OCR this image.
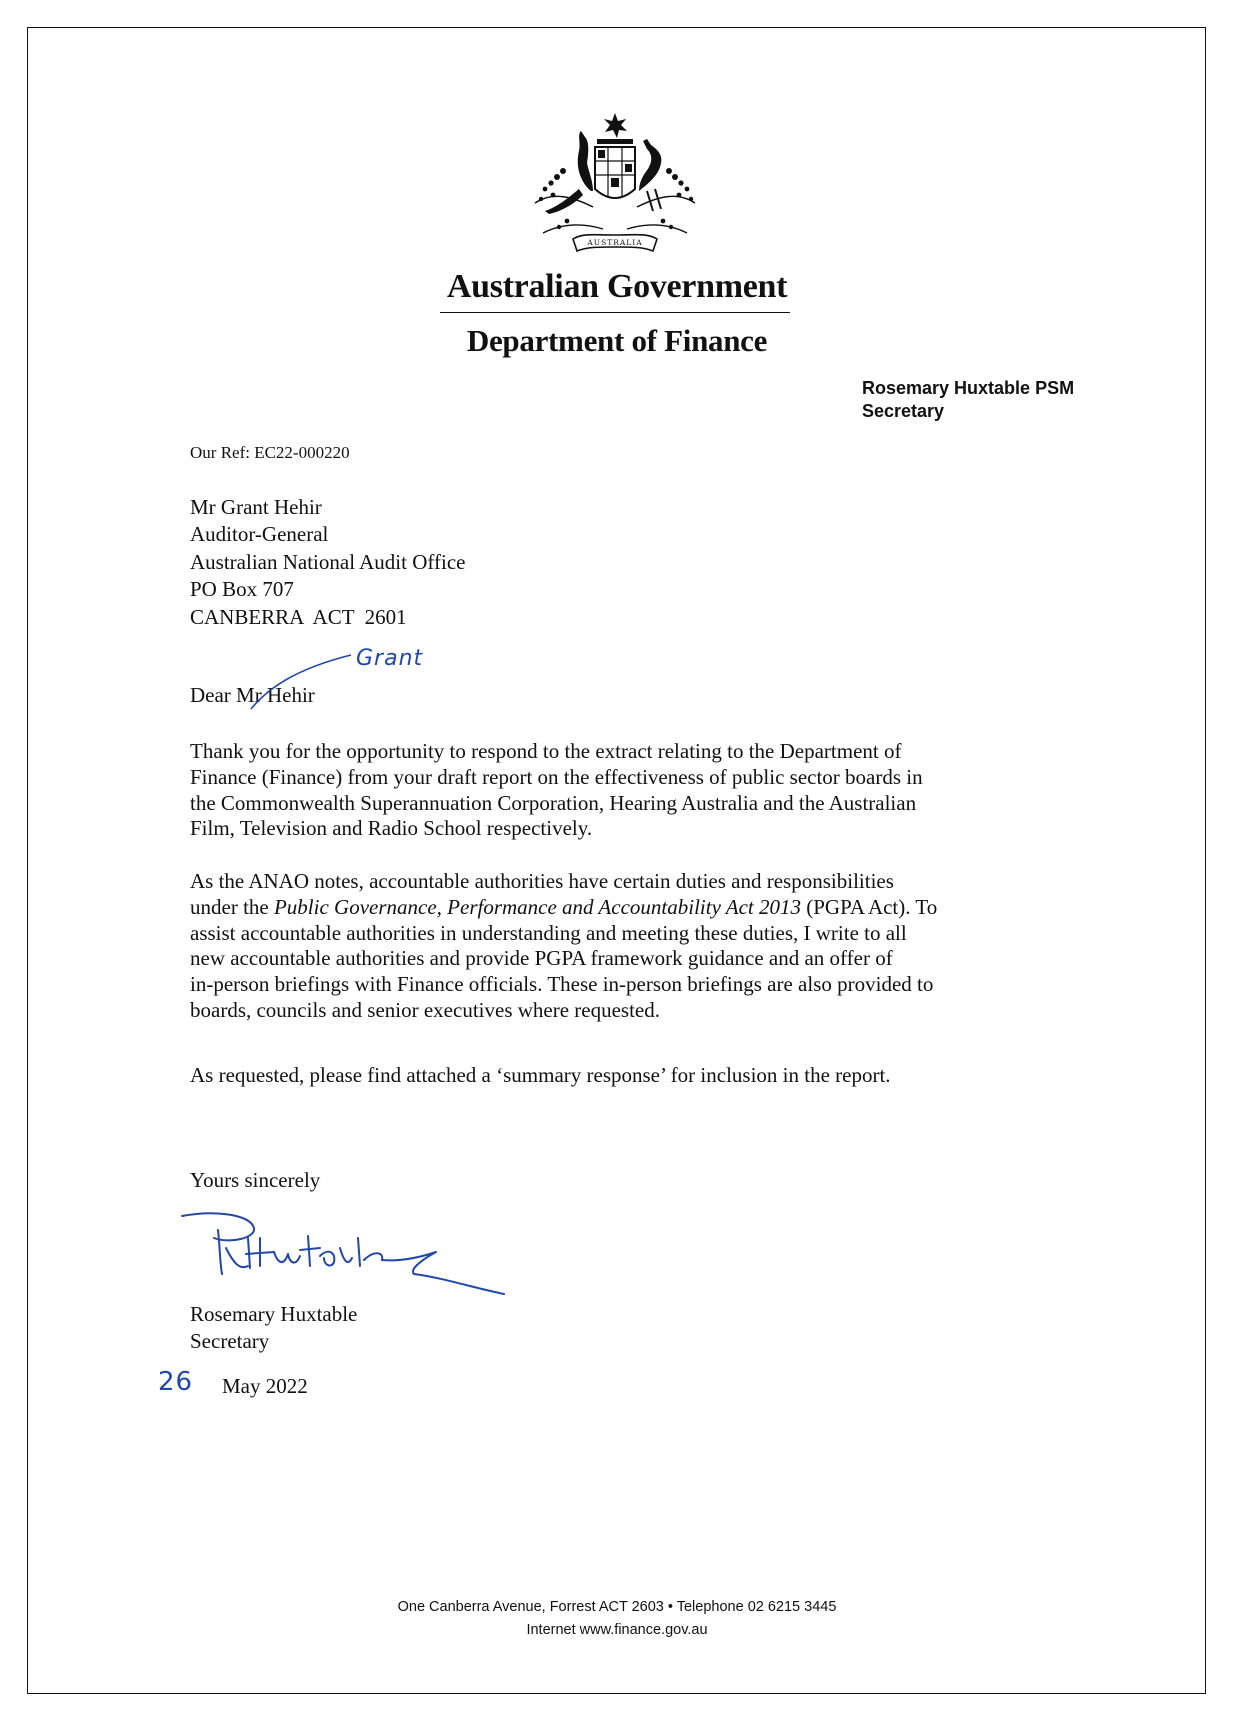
AUSTRALIA
Australian Government
Department of Finance
Rosemary Huxtable PSM
Secretary
Our Ref: EC22-000220
Mr Grant Hehir
Auditor-General
Australian National Audit Office
PO Box 707
CANBERRA  ACT  2601
Dear Mr Hehir
Grant
Thank you for the opportunity to respond to the extract relating to the Department of
Finance (Finance) from your draft report on the effectiveness of public sector boards in
the Commonwealth Superannuation Corporation, Hearing Australia and the Australian
Film, Television and Radio School respectively.
As the ANAO notes, accountable authorities have certain duties and responsibilities
under the Public Governance, Performance and Accountability Act 2013 (PGPA Act). To
assist accountable authorities in understanding and meeting these duties, I write to all
new accountable authorities and provide PGPA framework guidance and an offer of
in-person briefings with Finance officials. These in-person briefings are also provided to
boards, councils and senior executives where requested.
As requested, please find attached a ‘summary response’ for inclusion in the report.
Yours sincerely
Rosemary Huxtable
Secretary
26 May 2022
One Canberra Avenue, Forrest ACT 2603 • Telephone 02 6215 3445
Internet www.finance.gov.au
